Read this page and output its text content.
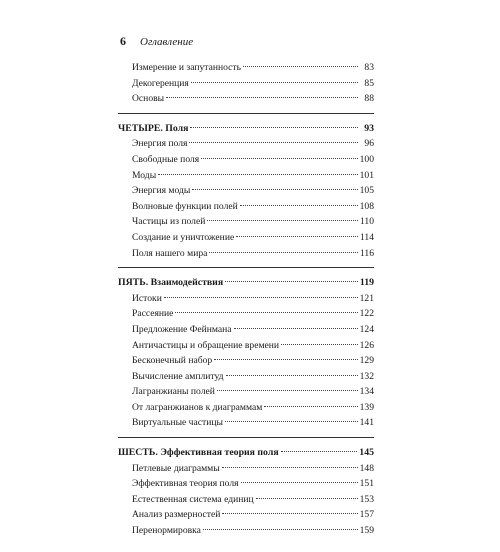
6 Оглавление
Измерение и запутанность	83
Декогеренция	85
Основы	88
ЧЕТЫРЕ. Поля	93
Энергия поля	96
Свободные поля	100
Моды	101
Энергия моды	105
Волновые функции полей	108
Частицы из полей	110
Создание и уничтожение	114
Поля нашего мира	116
ПЯТЬ. Взаимодействия	119
Истоки	121
Рассеяние	122
Предложение Фейнмана	124
Античастицы и обращение времени	126
Бесконечный набор	129
Вычисление амплитуд	132
Лагранжианы полей	134
От лагранжианов к диаграммам	139
Виртуальные частицы	141
ШЕСТЬ. Эффективная теория поля	145
Петлевые диаграммы	148
Эффективная теория поля	151
Естественная система единиц	153
Анализ размерностей	157
Перенормировка	159
